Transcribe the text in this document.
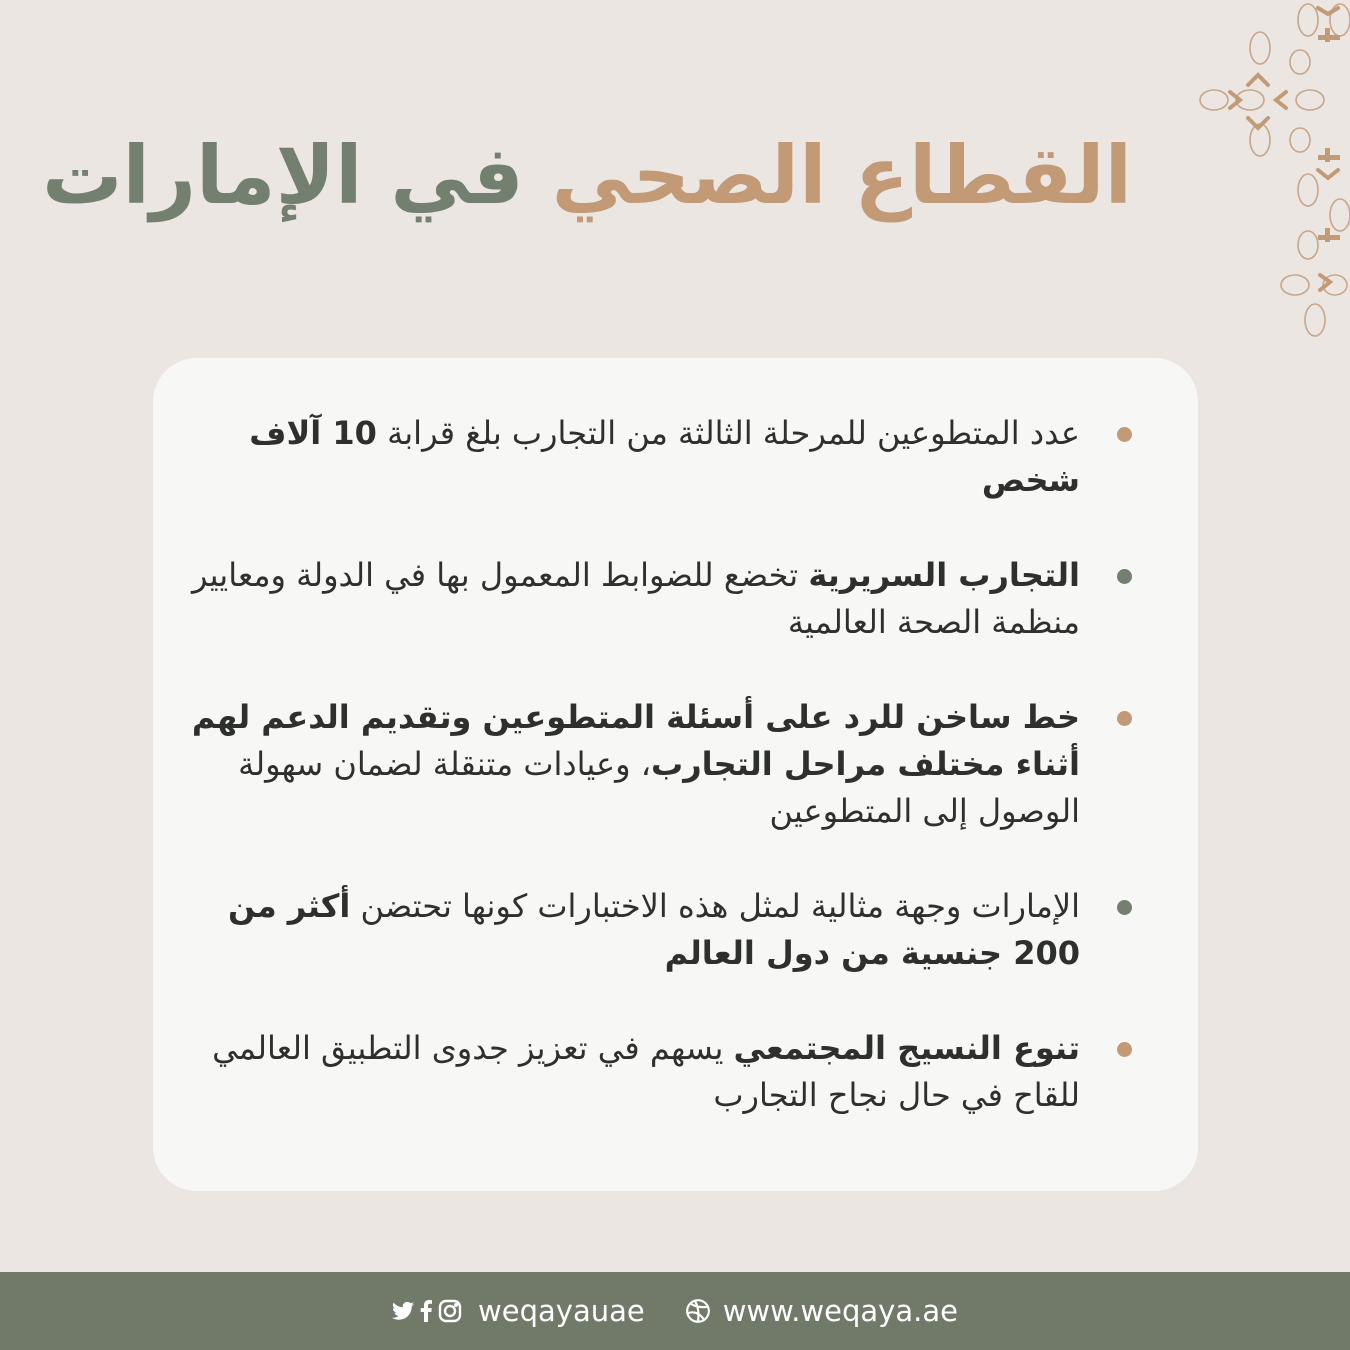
القطاع الصحي في الإمارات
عدد المتطوعين للمرحلة الثالثة من التجارب بلغ قرابة 10 آلاف شخص
التجارب السريرية تخضع للضوابط المعمول بها في الدولة ومعايير منظمة الصحة العالمية
خط ساخن للرد على أسئلة المتطوعين وتقديم الدعم لهم أثناء مختلف مراحل التجارب، وعيادات متنقلة لضمان سهولة الوصول إلى المتطوعين
الإمارات وجهة مثالية لمثل هذه الاختبارات كونها تحتضن أكثر من 200 جنسية من دول العالم
تنوع النسيج المجتمعي يسهم في تعزيز جدوى التطبيق العالمي للقاح في حال نجاح التجارب
weqayauae	www.weqaya.ae
